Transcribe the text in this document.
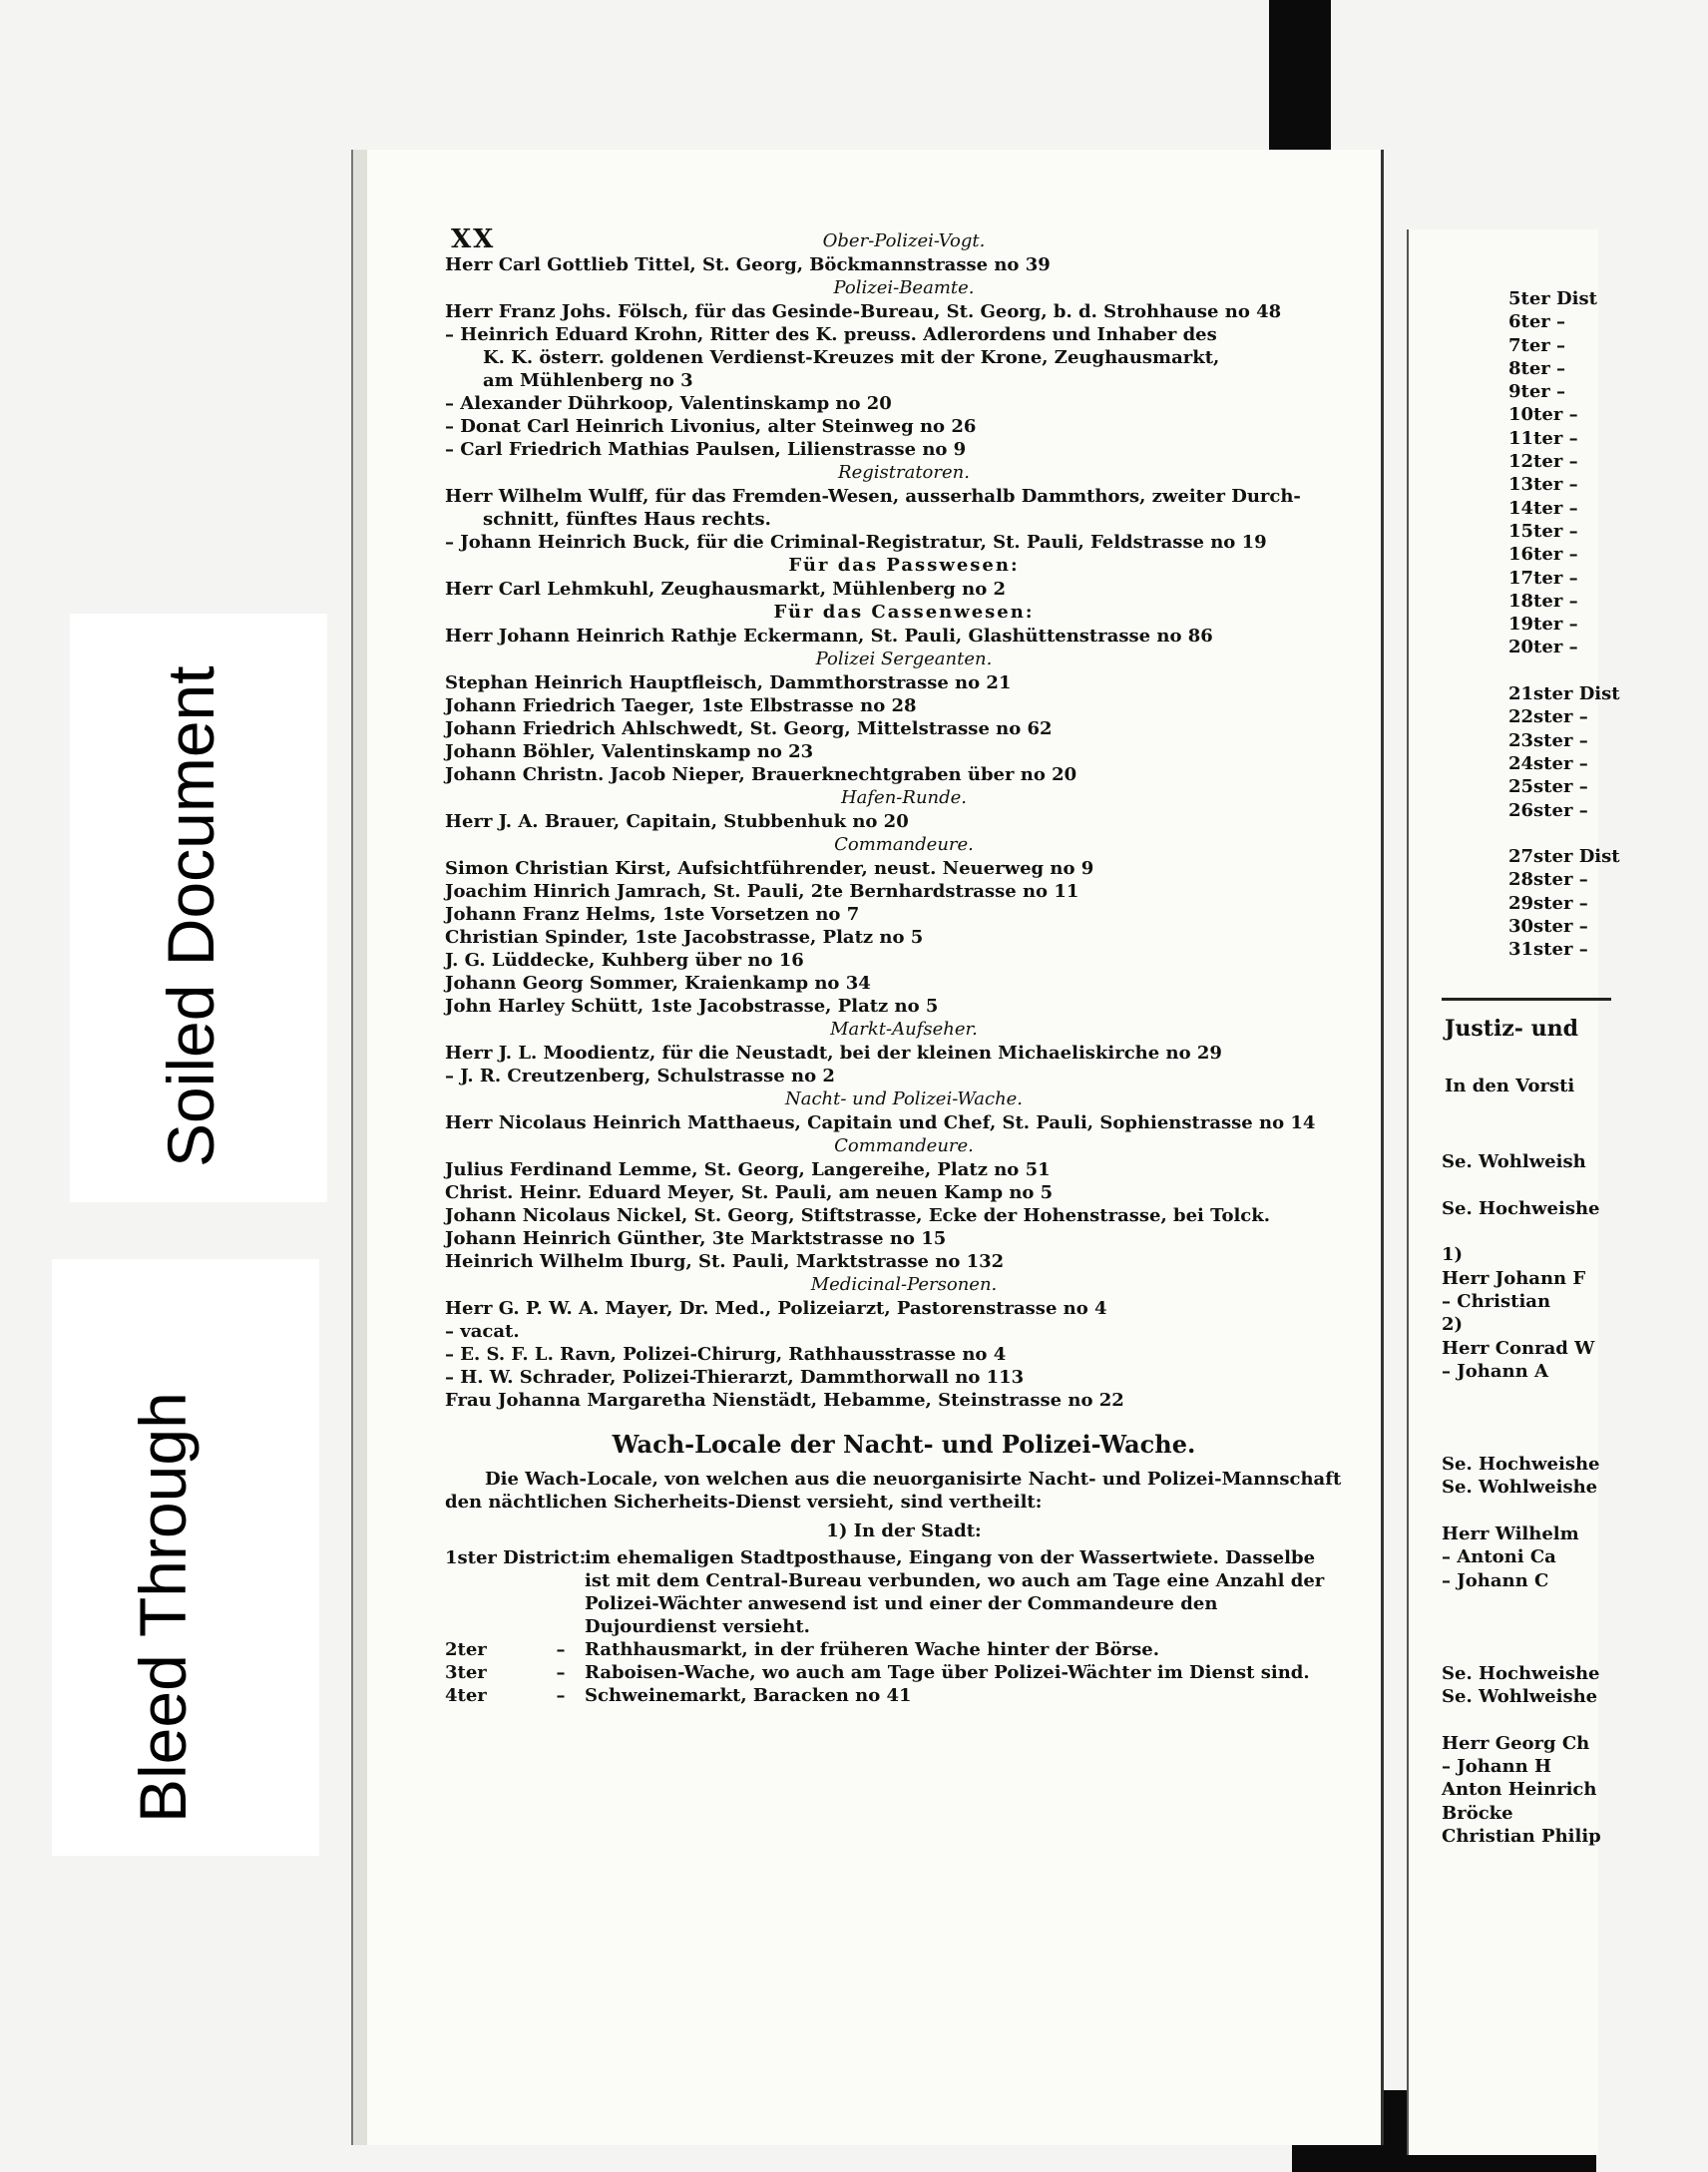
Soiled Document
Bleed Through
XX	Ober-Polizei-Vogt.

Herr Carl Gottlieb Tittel, St. Georg, Böckmannstrasse no 39

Polizei-Beamte.

Herr Franz Johs. Fölsch, für das Gesinde-Bureau, St. Georg, b. d. Strohhause no 48

– Heinrich Eduard Krohn, Ritter des K. preuss. Adlerordens und Inhaber des

K. K. österr. goldenen Verdienst-Kreuzes mit der Krone, Zeughausmarkt,

am Mühlenberg no 3

– Alexander Dührkoop, Valentinskamp no 20

– Donat Carl Heinrich Livonius, alter Steinweg no 26

– Carl Friedrich Mathias Paulsen, Lilienstrasse no 9

Registratoren.

Herr Wilhelm Wulff, für das Fremden-Wesen, ausserhalb Dammthors, zweiter Durch-

schnitt, fünftes Haus rechts.

– Johann Heinrich Buck, für die Criminal-Registratur, St. Pauli, Feldstrasse no 19

Für das Passwesen:

Herr Carl Lehmkuhl, Zeughausmarkt, Mühlenberg no 2

Für das Cassenwesen:

Herr Johann Heinrich Rathje Eckermann, St. Pauli, Glashüttenstrasse no 86

Polizei Sergeanten.

Stephan Heinrich Hauptfleisch, Dammthorstrasse no 21

Johann Friedrich Taeger, 1ste Elbstrasse no 28

Johann Friedrich Ahlschwedt, St. Georg, Mittelstrasse no 62

Johann Böhler, Valentinskamp no 23

Johann Christn. Jacob Nieper, Brauerknechtgraben über no 20

Hafen-Runde.

Herr J. A. Brauer, Capitain, Stubbenhuk no 20

Commandeure.

Simon Christian Kirst, Aufsichtführender, neust. Neuerweg no 9

Joachim Hinrich Jamrach, St. Pauli, 2te Bernhardstrasse no 11

Johann Franz Helms, 1ste Vorsetzen no 7

Christian Spinder, 1ste Jacobstrasse, Platz no 5

J. G. Lüddecke, Kuhberg über no 16

Johann Georg Sommer, Kraienkamp no 34

John Harley Schütt, 1ste Jacobstrasse, Platz no 5

Markt-Aufseher.

Herr J. L. Moodientz, für die Neustadt, bei der kleinen Michaeliskirche no 29

– J. R. Creutzenberg, Schulstrasse no 2

Nacht- und Polizei-Wache.

Herr Nicolaus Heinrich Matthaeus, Capitain und Chef, St. Pauli, Sophienstrasse no 14

Commandeure.

Julius Ferdinand Lemme, St. Georg, Langereihe, Platz no 51

Christ. Heinr. Eduard Meyer, St. Pauli, am neuen Kamp no 5

Johann Nicolaus Nickel, St. Georg, Stiftstrasse, Ecke der Hohenstrasse, bei Tolck.

Johann Heinrich Günther, 3te Marktstrasse no 15

Heinrich Wilhelm Iburg, St. Pauli, Marktstrasse no 132

Medicinal-Personen.

Herr G. P. W. A. Mayer, Dr. Med., Polizeiarzt, Pastorenstrasse no 4

– vacat.

– E. S. F. L. Ravn, Polizei-Chirurg, Rathhausstrasse no 4

– H. W. Schrader, Polizei-Thierarzt, Dammthorwall no 113

Frau Johanna Margaretha Nienstädt, Hebamme, Steinstrasse no 22

Wach-Locale der Nacht- und Polizei-Wache.

Die Wach-Locale, von welchen aus die neuorganisirte Nacht- und Polizei-Mannschaft den nächtlichen Sicherheits-Dienst versieht, sind vertheilt:

1) In der Stadt:
1ster District:
im ehemaligen Stadtposthause, Eingang von der Wassertwiete. Dasselbe ist mit dem Central-Bureau verbunden, wo auch am Tage eine Anzahl der Polizei-Wächter anwesend ist und einer der Commandeure den Dujourdienst versieht.
2ter	–	Rathhausmarkt, in der früheren Wache hinter der Börse.
3ter	–	Raboisen-Wache, wo auch am Tage über Polizei-Wächter im Dienst sind.
4ter	–	Schweinemarkt, Baracken no 41

5ter Dist

6ter –

7ter –

8ter –

9ter –

10ter –

11ter –

12ter –

13ter –

14ter –

15ter –

16ter –

17ter –

18ter –

19ter –

20ter –

21ster Dist

22ster –

23ster –

24ster –

25ster –

26ster –

27ster Dist

28ster –

29ster –

30ster –

31ster –

Justiz- und
In den Vorsti

Se. Wohlweish

Se. Hochweishe

1)

Herr Johann F

– Christian

2)

Herr Conrad W

– Johann A

Se. Hochweishe

Se. Wohlweishe

Herr Wilhelm

– Antoni Ca

– Johann C

Se. Hochweishe

Se. Wohlweishe

Herr Georg Ch

– Johann H

Anton Heinrich

Bröcke

Christian Philip
